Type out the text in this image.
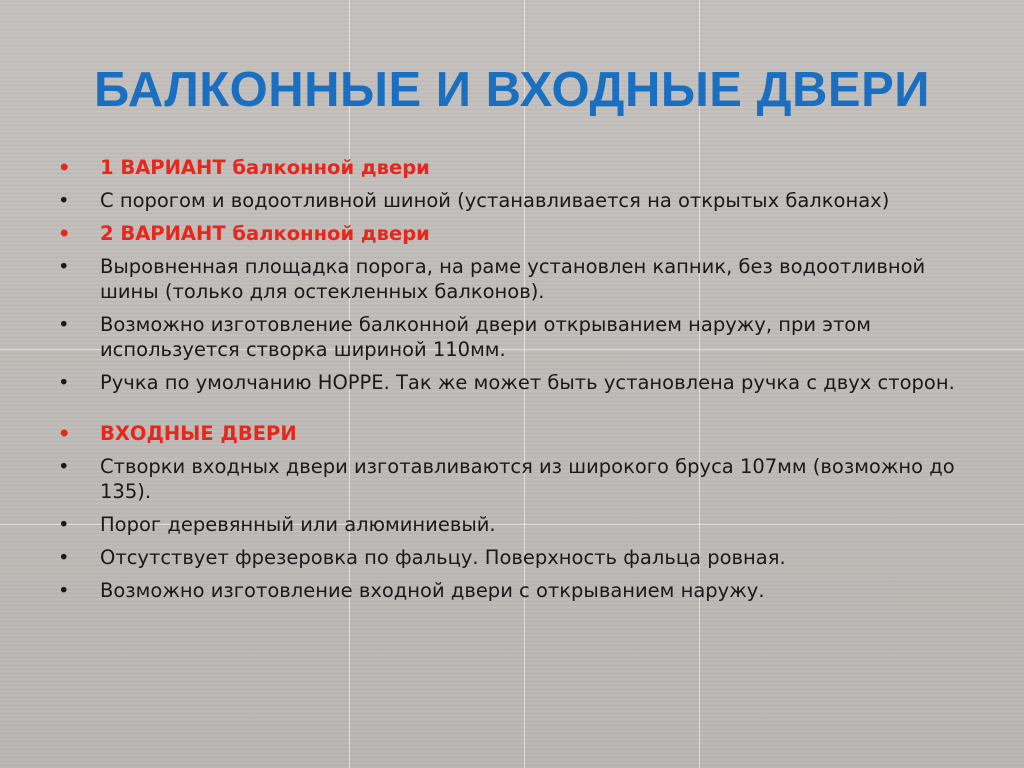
БАЛКОННЫЕ И ВХОДНЫЕ ДВЕРИ
• 1 ВАРИАНТ балконной двери
• С порогом и водоотливной шиной (устанавливается на открытых балконах)
• 2 ВАРИАНТ балконной двери
• Выровненная площадка порога, на раме установлен капник, без водоотливной шины (только для остекленных балконов).
• Возможно изготовление балконной двери открыванием наружу, при этом используется створка шириной 110мм.
• Ручка по умолчанию HOPPE. Так же может быть установлена ручка с двух сторон.
• ВХОДНЫЕ ДВЕРИ
• Створки входных двери изготавливаются из широкого бруса 107мм (возможно до 135).
• Порог деревянный или алюминиевый.
• Отсутствует фрезеровка по фальцу. Поверхность фальца ровная.
• Возможно изготовление входной двери с открыванием наружу.
